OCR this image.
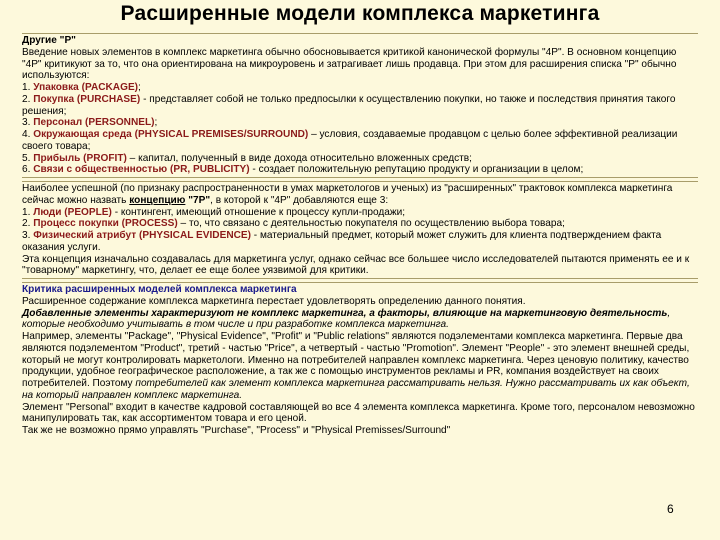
Расширенные модели комплекса маркетинга

Другие "Р"

Введение новых элементов в комплекс маркетинга обычно обосновывается критикой канонической формулы "4Р". В основном концепцию "4Р" критикуют за то, что она ориентирована на микроуровень и затрагивает лишь продавца. При этом для расширения списка "Р" обычно используются:

1. Упаковка (PACKAGE);

2. Покупка (PURCHASE) - представляет собой не только предпосылки к осуществлению покупки, но также и последствия принятия такого решения;

3. Персонал (PERSONNEL);

4. Окружающая среда (PHYSICAL PREMISES/SURROUND) – условия, создаваемые продавцом с целью более эффективной реализации своего товара;

5. Прибыль (PROFIT) – капитал, полученный в виде дохода относительно вложенных средств;

6. Связи с общественностью (PR, PUBLICITY) - создает положительную репутацию продукту и организации в целом;

Наиболее успешной (по признаку распространенности в умах маркетологов и ученых) из "расширенных" трактовок комплекса маркетинга сейчас можно назвать концепцию "7Р", в которой к "4Р" добавляются еще 3:

1. Люди (PEOPLE) - контингент, имеющий отношение к процессу купли-продажи;

2. Процесс покупки (PROCESS) – то, что связано с деятельностью покупателя по осуществлению выбора товара;

3. Физический атрибут (PHYSICAL EVIDENCE) - материальный предмет, который может служить для клиента подтверждением факта оказания услуги.

Эта концепция изначально создавалась для маркетинга услуг, однако сейчас все большее число исследователей пытаются применять ее и к "товарному" маркетингу, что, делает ее еще более уязвимой для критики.

Критика расширенных моделей комплекса маркетинга

Расширенное содержание комплекса маркетинга перестает удовлетворять определению данного понятия.

Добавленные элементы характеризуют не комплекс маркетинга, а факторы, влияющие на маркетинговую деятельность, которые необходимо учитывать в том числе и при разработке комплекса маркетинга.

Например, элементы "Package", "Physical Evidence", "Profit" и "Public relations" являются подэлементами комплекса маркетинга. Первые два являются подэлементом "Product", третий - частью "Price", а четвертый - частью "Promotion". Элемент "People" - это элемент внешней среды, который не могут контролировать маркетологи. Именно на потребителей направлен комплекс маркетинга. Через ценовую политику, качество продукции, удобное географическое расположение, а так же с помощью инструментов рекламы и PR, компания воздействует на своих потребителей. Поэтому потребителей как элемент комплекса маркетинга рассматривать нельзя. Нужно рассматривать их как объект, на который направлен комплекс маркетинга.

Элемент "Personal" входит в качестве кадровой составляющей во все 4 элемента комплекса маркетинга. Кроме того, персоналом невозможно манипулировать так, как ассортиментом товара и его ценой.

Так же не возможно прямо управлять "Purchase", "Process" и "Physical Premisses/Surround"

6
